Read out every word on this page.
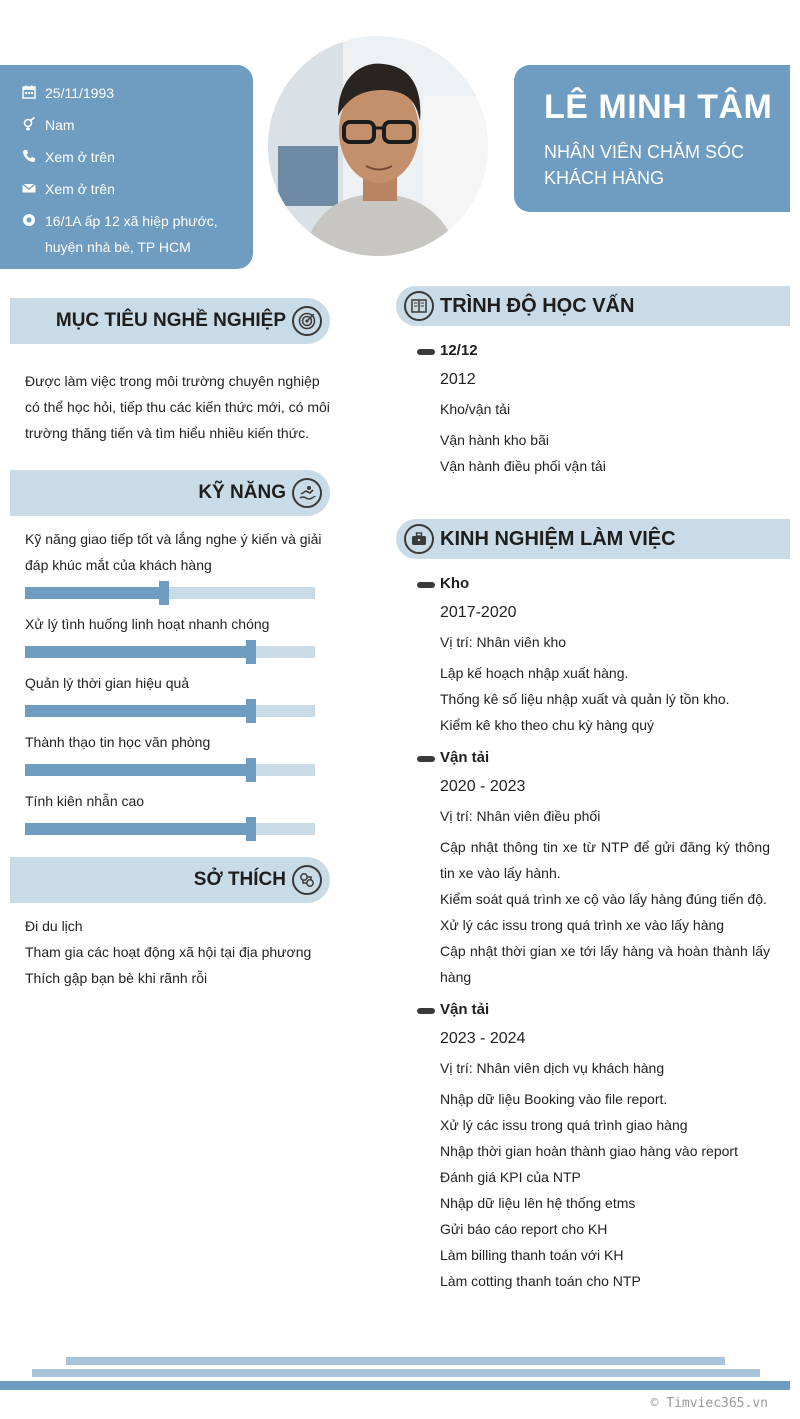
25/11/1993
Nam
Xem ở trên
Xem ở trên
16/1A ấp 12 xã hiệp phước, huyện nhà bè, TP HCM
LÊ MINH TÂM
NHÂN VIÊN CHĂM SÓC KHÁCH HÀNG
MỤC TIÊU NGHỀ NGHIỆP
Được làm việc trong môi trường chuyên nghiệp có thể học hỏi, tiếp thu các kiến thức mới, có môi trường thăng tiến và tìm hiểu nhiều kiến thức.
KỸ NĂNG
Kỹ năng giao tiếp tốt và lắng nghe ý kiến và giải đáp khúc mắt của khách hàng
Xử lý tình huống linh hoạt nhanh chóng
Quản lý thời gian hiệu quả
Thành thạo tin học văn phòng
Tính kiên nhẫn cao
SỞ THÍCH
Đi du lịch
Tham gia các hoạt động xã hội tại địa phương
Thích gập bạn bè khi rãnh rỗi
TRÌNH ĐỘ HỌC VẤN
12/12
2012
Kho/vận tải
Vận hành kho bãi
Vận hành điều phối vận tải
KINH NGHIỆM LÀM VIỆC
Kho
2017-2020
Vị trí: Nhân viên kho
Lập kế hoạch nhập xuất hàng.
Thống kê số liệu nhập xuất và quản lý tồn kho.
Kiểm kê kho theo chu kỳ hàng quý
Vận tải
2020 - 2023
Vị trí: Nhân viên điều phối
Cập nhật thông tin xe từ NTP để gửi đăng ký thông tin xe vào lấy hành.
Kiểm soát quá trình xe cộ vào lấy hàng đúng tiến độ.
Xử lý các issu trong quá trình xe vào lấy hàng
Cập nhật thời gian xe tới lấy hàng và hoàn thành lấy hàng
Vận tải
2023 - 2024
Vị trí: Nhân viên dịch vụ khách hàng
Nhập dữ liệu Booking vào file report.
Xử lý các issu trong quá trình giao hàng
Nhập thời gian hoàn thành giao hàng vào report
Đánh giá KPI của NTP
Nhập dữ liệu lên hệ thống etms
Gửi báo cáo report cho KH
Làm billing thanh toán với KH
Làm cotting thanh toán cho NTP
© Timviec365.vn
